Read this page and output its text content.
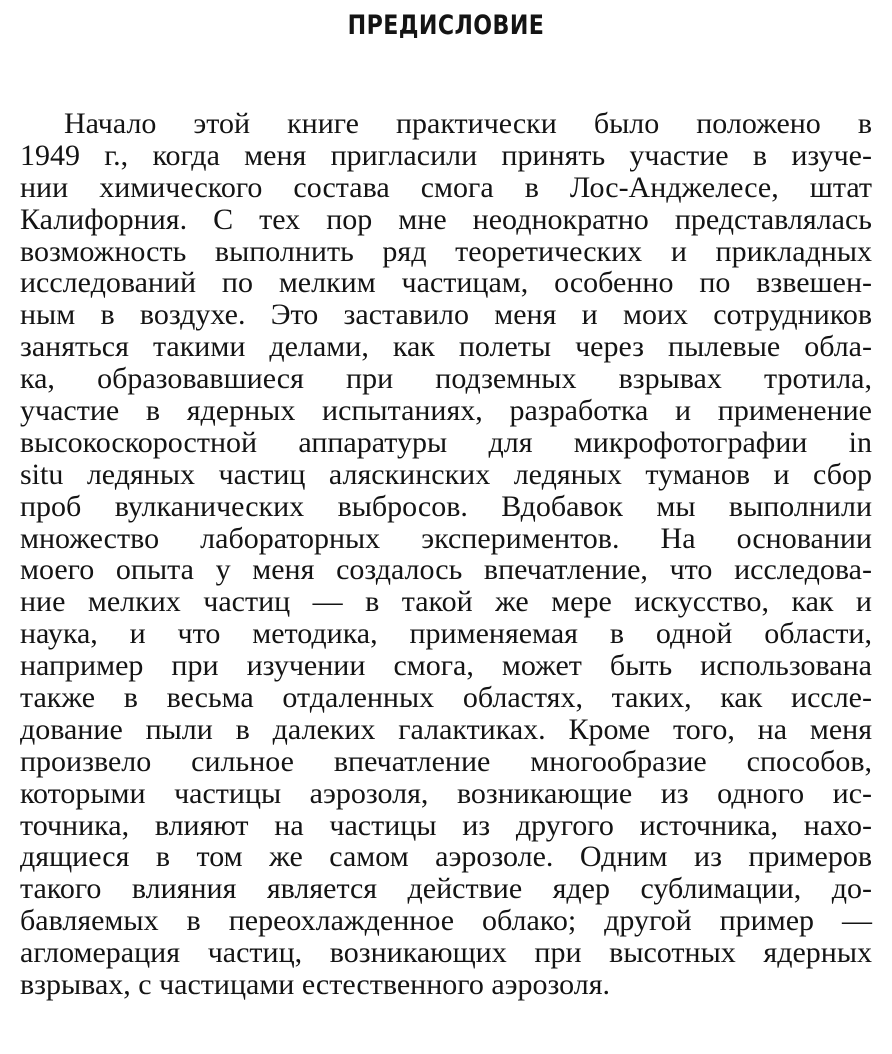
ПРЕДИСЛОВИЕ
Начало этой книге практически было положено в
1949 г., когда меня пригласили принять участие в изуче-
нии химического состава смога в Лос-Анджелесе, штат
Калифорния. С тех пор мне неоднократно представлялась
возможность выполнить ряд теоретических и прикладных
исследований по мелким частицам, особенно по взвешен-
ным в воздухе. Это заставило меня и моих сотрудников
заняться такими делами, как полеты через пылевые обла-
ка, образовавшиеся при подземных взрывах тротила,
участие в ядерных испытаниях, разработка и применение
высокоскоростной аппаратуры для микрофотографии in
situ ледяных частиц аляскинских ледяных туманов и сбор
проб вулканических выбросов. Вдобавок мы выполнили
множество лабораторных экспериментов. На основании
моего опыта у меня создалось впечатление, что исследова-
ние мелких частиц — в такой же мере искусство, как и
наука, и что методика, применяемая в одной области,
например при изучении смога, может быть использована
также в весьма отдаленных областях, таких, как иссле-
дование пыли в далеких галактиках. Кроме того, на меня
произвело сильное впечатление многообразие способов,
которыми частицы аэрозоля, возникающие из одного ис-
точника, влияют на частицы из другого источника, нахо-
дящиеся в том же самом аэрозоле. Одним из примеров
такого влияния является действие ядер сублимации, до-
бавляемых в переохлажденное облако; другой пример —
агломерация частиц, возникающих при высотных ядерных
взрывах, с частицами естественного аэрозоля.
